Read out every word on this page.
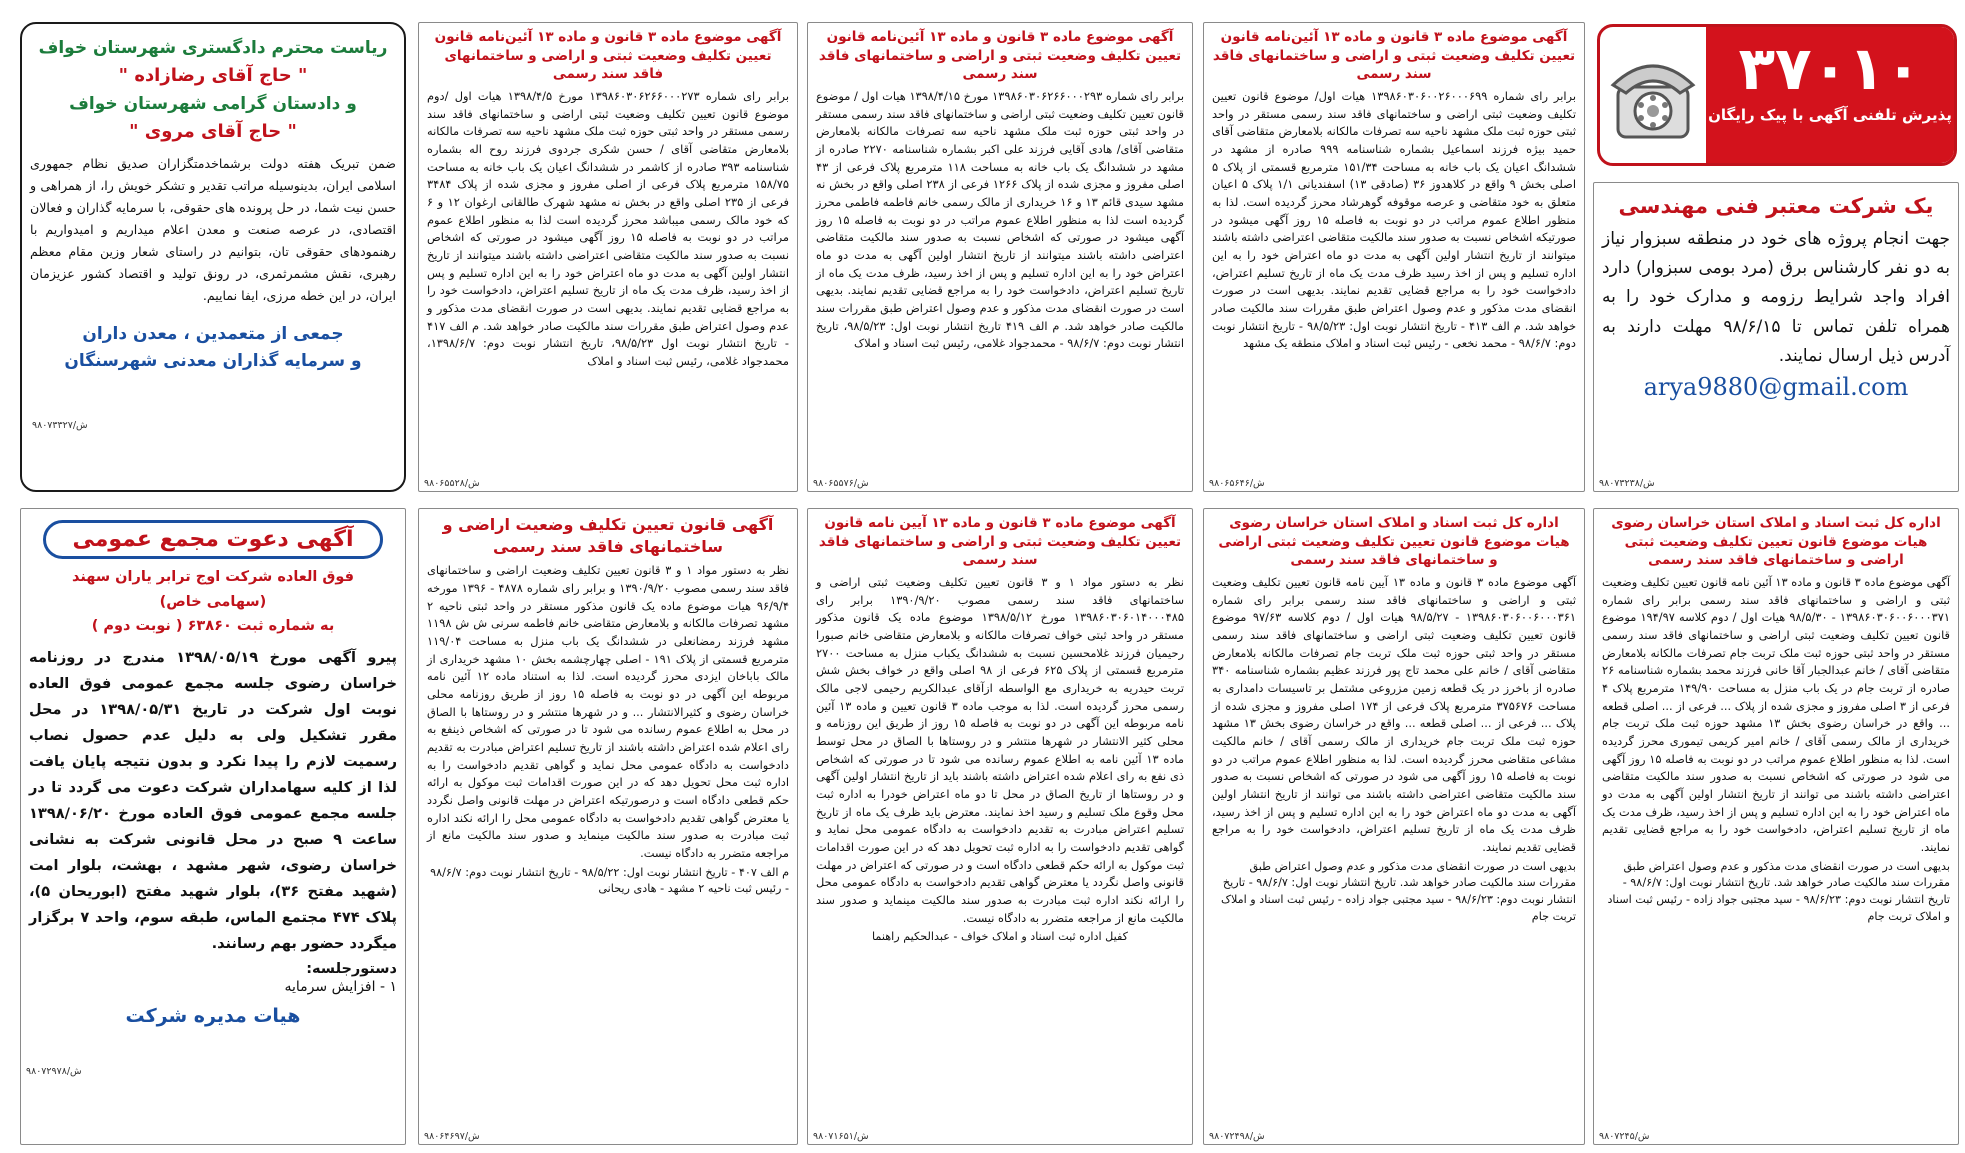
۳۷۰۱۰
پذیرش تلفنی آگهی با پیک رایگان
یک شرکت معتبر فنی مهندسی

جهت انجام پروژه های خود در منطقه سبزوار نیاز به دو نفر کارشناس برق (مرد بومی سبزوار) دارد افراد واجد شرایط رزومه و مدارک خود را به همراه تلفن تماس تا ۹۸/۶/۱۵ مهلت دارند به آدرس ذیل ارسال نمایند.

arya9880@gmail.com
۹۸۰۷۳۲۳۸/ش
آگهی موضوع ماده ۳ قانون و ماده ۱۳ آئین‌نامه قانون تعیین تکلیف وضعیت ثبتی و اراضی و ساختمانهای فاقد سند رسمی

برابر رای شماره ۱۳۹۸۶۰۳۰۶۰۰۲۶۰۰۰۶۹۹ هیات اول/ موضوع قانون تعیین تکلیف وضعیت ثبتی اراضی و ساختمانهای فاقد سند رسمی مستقر در واحد ثبتی حوزه ثبت ملک مشهد ناحیه سه تصرفات مالکانه بلامعارض متقاضی آقای حمید بیژه فرزند اسماعیل بشماره شناسنامه ۹۹۹ صادره از مشهد در ششدانگ اعیان یک باب خانه به مساحت ۱۵۱/۳۴ مترمربع قسمتی از پلاک ۵ اصلی بخش ۹ واقع در کلاهدوز ۳۶ (صادقی ۱۳) اسفندیانی ۱/۱ پلاک ۵ اعیان متعلق به خود متقاضی و عرصه موقوفه گوهرشاد محرز گردیده است. لذا به منظور اطلاع عموم مراتب در دو نوبت به فاصله ۱۵ روز آگهی میشود در صورتیکه اشخاص نسبت به صدور سند مالکیت متقاضی اعتراضی داشته باشند میتوانند از تاریخ انتشار اولین آگهی به مدت دو ماه اعتراض خود را به این اداره تسلیم و پس از اخذ رسید ظرف مدت یک ماه از تاریخ تسلیم اعتراض، دادخواست خود را به مراجع قضایی تقدیم نمایند. بدیهی است در صورت انقضای مدت مذکور و عدم وصول اعتراض طبق مقررات سند مالکیت صادر خواهد شد. م الف ۴۱۳ - تاریخ انتشار نوبت اول: ۹۸/۵/۲۳ - تاریخ انتشار نوبت دوم: ۹۸/۶/۷ - محمد نخعی - رئیس ثبت اسناد و املاک منطقه یک مشهد

۹۸۰۶۵۶۴۶/ش
آگهی موضوع ماده ۳ قانون و ماده ۱۳ آئین‌نامه قانون تعیین تکلیف وضعیت ثبتی و اراضی و ساختمانهای فاقد سند رسمی

برابر رای شماره ۱۳۹۸۶۰۳۰۶۲۶۶۰۰۰۲۹۳ مورخ ۱۳۹۸/۴/۱۵ هیات اول / موضوع قانون تعیین تکلیف وضعیت ثبتی اراضی و ساختمانهای فاقد سند رسمی مستقر در واحد ثبتی حوزه ثبت ملک مشهد ناحیه سه تصرفات مالکانه بلامعارض متقاضی آقای/ هادی آقایی فرزند علی اکبر بشماره شناسنامه ۲۲۷۰ صادره از مشهد در ششدانگ یک باب خانه به مساحت ۱۱۸ مترمربع پلاک فرعی از ۴۳ اصلی مفروز و مجزی شده از پلاک ۱۲۶۶ فرعی از ۲۳۸ اصلی واقع در بخش نه مشهد سیدی قائم ۱۳ و ۱۶ خریداری از مالک رسمی خانم فاطمه فاطمی محرز گردیده است لذا به منظور اطلاع عموم مراتب در دو نوبت به فاصله ۱۵ روز آگهی میشود در صورتی که اشخاص نسبت به صدور سند مالکیت متقاضی اعتراضی داشته باشند میتوانند از تاریخ انتشار اولین آگهی به مدت دو ماه اعتراض خود را به این اداره تسلیم و پس از اخذ رسید، ظرف مدت یک ماه از تاریخ تسلیم اعتراض، دادخواست خود را به مراجع قضایی تقدیم نمایند. بدیهی است در صورت انقضای مدت مذکور و عدم وصول اعتراض طبق مقررات سند مالکیت صادر خواهد شد. م الف ۴۱۹ تاریخ انتشار نوبت اول: ۹۸/۵/۲۳، تاریخ انتشار نوبت دوم: ۹۸/۶/۷ - محمدجواد غلامی، رئیس ثبت اسناد و املاک

۹۸۰۶۵۵۷۶/ش
آگهی موضوع ماده ۳ قانون و ماده ۱۳ آئین‌نامه قانون تعیین تکلیف وضعیت ثبتی و اراضی و ساختمانهای فاقد سند رسمی

برابر رای شماره ۱۳۹۸۶۰۳۰۶۲۶۶۰۰۰۲۷۳ مورخ ۱۳۹۸/۴/۵ هیات اول /دوم موضوع قانون تعیین تکلیف وضعیت ثبتی اراضی و ساختمانهای فاقد سند رسمی مستقر در واحد ثبتی حوزه ثبت ملک مشهد ناحیه سه تصرفات مالکانه بلامعارض متقاضی آقای / حسن شکری جردوی فرزند روح اله بشماره شناسنامه ۳۹۳ صادره از کاشمر در ششدانگ اعیان یک باب خانه به مساحت ۱۵۸/۷۵ مترمربع پلاک فرعی از اصلی مفروز و مجزی شده از پلاک ۳۴۸۴ فرعی از ۲۳۵ اصلی واقع در بخش نه مشهد شهرک طالقانی ارغوان ۱۲ و ۶ که خود مالک رسمی میباشد محرز گردیده است لذا به منظور اطلاع عموم مراتب در دو نوبت به فاصله ۱۵ روز آگهی میشود در صورتی که اشخاص نسبت به صدور سند مالکیت متقاضی اعتراضی داشته باشند میتوانند از تاریخ انتشار اولین آگهی به مدت دو ماه اعتراض خود را به این اداره تسلیم و پس از اخذ رسید، ظرف مدت یک ماه از تاریخ تسلیم اعتراض، دادخواست خود را به مراجع قضایی تقدیم نمایند. بدیهی است در صورت انقضای مدت مذکور و عدم وصول اعتراض طبق مقررات سند مالکیت صادر خواهد شد. م الف ۴۱۷ - تاریخ انتشار نوبت اول ۹۸/۵/۲۳، تاریخ انتشار نوبت دوم: ۱۳۹۸/۶/۷، محمدجواد غلامی، رئیس ثبت اسناد و املاک

۹۸۰۶۵۵۲۸/ش
ریاست محترم دادگستری شهرستان خواف
" حاج آقای رضازاده "
و دادستان گرامی شهرستان خواف
" حاج آقای مروی "

ضمن تبریک هفته دولت برشماخدمتگزاران صدیق نظام جمهوری اسلامی ایران، بدینوسیله مراتب تقدیر و تشکر خویش را، از همراهی و حسن نیت شما، در حل پرونده های حقوقی، با سرمایه گذاران و فعالان اقتصادی، در عرصه صنعت و معدن اعلام میداریم و امیدواریم با رهنمودهای حقوقی تان، بتوانیم در راستای شعار وزین مقام معظم رهبری، نقش مشمرثمری، در رونق تولید و اقتصاد کشور عزیزمان ایران، در این خطه مرزی، ایفا نماییم.

جمعی از متعمدین ، معدن داران
و سرمایه گذاران معدنی شهرسنگان
۹۸۰۷۳۳۲۷/ش
اداره کل ثبت اسناد و املاک استان خراسان رضوی هیات موضوع قانون تعیین تکلیف وضعیت ثبتی اراضی و ساختمانهای فاقد سند رسمی

آگهی موضوع ماده ۳ قانون و ماده ۱۳ آئین نامه قانون تعیین تکلیف وضعیت ثبتی و اراضی و ساختمانهای فاقد سند رسمی برابر رای شماره ۱۳۹۸۶۰۳۰۶۰۰۶۰۰۰۳۷۱ - ۹۸/۵/۳۰ هیات اول / دوم کلاسه ۱۹۴/۹۷ موضوع قانون تعیین تکلیف وضعیت ثبتی اراضی و ساختمانهای فاقد سند رسمی مستقر در واحد ثبتی حوزه ثبت ملک تربت جام تصرفات مالکانه بلامعارض متقاضی آقای / خانم عبدالجبار آقا خانی فرزند محمد بشماره شناسنامه ۲۶ صادره از تربت جام در یک باب منزل به مساحت ۱۴۹/۹۰ مترمربع پلاک ۴ فرعی از ۳ اصلی مفروز و مجزی شده از پلاک ... فرعی از ... اصلی قطعه ... واقع در خراسان رضوی بخش ۱۳ مشهد حوزه ثبت ملک تربت جام خریداری از مالک رسمی آقای / خانم امیر کریمی تیموری محرز گردیده است. لذا به منظور اطلاع عموم مراتب در دو نوبت به فاصله ۱۵ روز آگهی می شود در صورتی که اشخاص نسبت به صدور سند مالکیت متقاضی اعتراضی داشته باشند می توانند از تاریخ انتشار اولین آگهی به مدت دو ماه اعتراض خود را به این اداره تسلیم و پس از اخذ رسید، ظرف مدت یک ماه از تاریخ تسلیم اعتراض، دادخواست خود را به مراجع قضایی تقدیم نمایند.

بدیهی است در صورت انقضای مدت مذکور و عدم وصول اعتراض طبق مقررات سند مالکیت صادر خواهد شد. تاریخ انتشار نوبت اول: ۹۸/۶/۷ - تاریخ انتشار نوبت دوم: ۹۸/۶/۲۳ - سید مجتبی جواد زاده - رئیس ثبت اسناد و املاک تربت جام
۹۸۰۷۲۴۵/ش
اداره کل ثبت اسناد و املاک استان خراسان رضوی هیات موضوع قانون تعیین تکلیف وضعیت ثبتی اراضی و ساختمانهای فاقد سند رسمی

آگهی موضوع ماده ۳ قانون و ماده ۱۳ آیین نامه قانون تعیین تکلیف وضعیت ثبتی و اراضی و ساختمانهای فاقد سند رسمی برابر رای شماره ۱۳۹۸۶۰۳۰۶۰۰۶۰۰۰۳۶۱ - ۹۸/۵/۲۷ هیات اول / دوم کلاسه ۹۷/۶۳ موضوع قانون تعیین تکلیف وضعیت ثبتی اراضی و ساختمانهای فاقد سند رسمی مستقر در واحد ثبتی حوزه ثبت ملک تربت جام تصرفات مالکانه بلامعارض متقاضی آقای / خانم علی محمد تاج پور فرزند عظیم بشماره شناسنامه ۳۴۰ صادره از باخرز در یک قطعه زمین مزروعی مشتمل بر تاسیسات دامداری به مساحت ۳۷۵۶۷۶ مترمربع پلاک فرعی از ۱۷۴ اصلی مفروز و مجزی شده از پلاک ... فرعی از ... اصلی قطعه ... واقع در خراسان رضوی بخش ۱۳ مشهد حوزه ثبت ملک تربت جام خریداری از مالک رسمی آقای / خانم مالکیت مشاعی متقاضی محرز گردیده است. لذا به منظور اطلاع عموم مراتب در دو نوبت به فاصله ۱۵ روز آگهی می شود در صورتی که اشخاص نسبت به صدور سند مالکیت متقاضی اعتراضی داشته باشند می توانند از تاریخ انتشار اولین آگهی به مدت دو ماه اعتراض خود را به این اداره تسلیم و پس از اخذ رسید، ظرف مدت یک ماه از تاریخ تسلیم اعتراض، دادخواست خود را به مراجع قضایی تقدیم نمایند.

بدیهی است در صورت انقضای مدت مذکور و عدم وصول اعتراض طبق مقررات سند مالکیت صادر خواهد شد. تاریخ انتشار نوبت اول: ۹۸/۶/۷ - تاریخ انتشار نوبت دوم: ۹۸/۶/۲۳ - سید مجتبی جواد زاده - رئیس ثبت اسناد و املاک تربت جام
۹۸۰۷۲۴۹۸/ش
آگهی موضوع ماده ۳ قانون و ماده ۱۳ آیین نامه قانون تعیین تکلیف وضعیت ثبتی و اراضی و ساختمانهای فاقد سند رسمی

نظر به دستور مواد ۱ و ۳ قانون تعیین تکلیف وضعیت ثبتی اراضی و ساختمانهای فاقد سند رسمی مصوب ۱۳۹۰/۹/۲۰ برابر رای ۱۳۹۸۶۰۳۰۶۰۱۴۰۰۰۴۸۵ مورخ ۱۳۹۸/۵/۱۲ موضوع ماده یک قانون مذکور مستقر در واحد ثبتی خواف تصرفات مالکانه و بلامعارض متقاضی خانم صبورا رحیمیان فرزند غلامحسین نسبت به ششدانگ یکباب منزل به مساحت ۲۷۰۰ مترمربع قسمتی از پلاک ۶۲۵ فرعی از ۹۸ اصلی واقع در خواف بخش شش تربت حیدریه به خریداری مع الواسطه ازآقای عبدالکریم رحیمی لاجی مالک رسمی محرز گردیده است. لذا به موجب ماده ۳ قانون تعیین و ماده ۱۳ آئین نامه مربوطه این آگهی در دو نوبت به فاصله ۱۵ روز از طریق این روزنامه و محلی کثیر الانتشار در شهرها منتشر و در روستاها با الصاق در محل توسط ماده ۱۳ آئین نامه به اطلاع عموم رسانده می شود تا در صورتی که اشخاص ذی نفع به رای اعلام شده اعتراض داشته باشند باید از تاریخ انتشار اولین آگهی و در روستاها از تاریخ الصاق در محل تا دو ماه اعتراض خودرا به اداره ثبت محل وقوع ملک تسلیم و رسید اخذ نمایند. معترض باید ظرف یک ماه از تاریخ تسلیم اعتراض مبادرت به تقدیم دادخواست به دادگاه عمومی محل نماید و گواهی تقدیم دادخواست را به اداره ثبت تحویل دهد که در این صورت اقدامات ثبت موکول به ارائه حکم قطعی دادگاه است و در صورتی که اعتراض در مهلت قانونی واصل نگردد یا معترض گواهی تقدیم دادخواست به دادگاه عمومی محل را ارائه نکند اداره ثبت مبادرت به صدور سند مالکیت مینماید و صدور سند مالکیت مانع از مراجعه متضرر به دادگاه نیست.

کفیل اداره ثبت اسناد و املاک خواف - عبدالحکیم راهنما
۹۸۰۷۱۶۵۱/ش
آگهی قانون تعیین تکلیف وضعیت اراضی و ساختمانهای فاقد سند رسمی

نظر به دستور مواد ۱ و ۳ قانون تعیین تکلیف وضعیت اراضی و ساختمانهای فاقد سند رسمی مصوب ۱۳۹۰/۹/۲۰ و برابر رای شماره ۴۸۷۸ - ۱۳۹۶ مورخه ۹۶/۹/۴ هیات موضوع ماده یک قانون مذکور مستقر در واحد ثبتی ناحیه ۲ مشهد تصرفات مالکانه و بلامعارض متقاضی خانم فاطمه سرنی ش ش ۱۱۹۸ مشهد فرزند رمضانعلی در ششدانگ یک باب منزل به مساحت ۱۱۹/۰۴ مترمربع قسمتی از پلاک ۱۹۱ - اصلی چهارچشمه بخش ۱۰ مشهد خریداری از مالک باباخان ایزدی محرز گردیده است. لذا به استناد ماده ۱۲ آئین نامه مربوطه این آگهی در دو نوبت به فاصله ۱۵ روز از طریق روزنامه محلی خراسان رضوی و کثیرالانتشار ... و در شهرها منتشر و در روستاها با الصاق در محل به اطلاع عموم رسانده می شود تا در صورتی که اشخاص ذینفع به رای اعلام شده اعتراض داشته باشند از تاریخ تسلیم اعتراض مبادرت به تقدیم دادخواست به دادگاه عمومی محل نماید و گواهی تقدیم دادخواست را به اداره ثبت محل تحویل دهد که در این صورت اقدامات ثبت موکول به ارائه حکم قطعی دادگاه است و درصورتیکه اعتراض در مهلت قانونی واصل نگردد یا معترض گواهی تقدیم دادخواست به دادگاه عمومی محل را ارائه نکند اداره ثبت مبادرت به صدور سند مالکیت مینماید و صدور سند مالکیت مانع از مراجعه متضرر به دادگاه نیست.

م الف ۴۰۷ - تاریخ انتشار نوبت اول: ۹۸/۵/۲۲ - تاریخ انتشار نوبت دوم: ۹۸/۶/۷ - رئیس ثبت ناحیه ۲ مشهد - هادی ریحانی
۹۸۰۶۴۶۹۷/ش
آگهی دعوت مجمع عمومی
فوق العاده شرکت اوج ترابر یاران سهند
(سهامی خاص)
به شماره ثبت ۶۳۸۶۰ ( نوبت دوم )

پیرو آگهی مورخ ۱۳۹۸/۰۵/۱۹ مندرج در روزنامه خراسان رضوی جلسه مجمع عمومی فوق العاده نوبت اول شرکت در تاریخ ۱۳۹۸/۰۵/۳۱ در محل مقرر تشکیل ولی به دلیل عدم حصول نصاب رسمیت لازم را پیدا نکرد و بدون نتیجه پایان یافت لذا از کلیه سهامداران شرکت دعوت می گردد تا در جلسه مجمع عمومی فوق العاده مورخ ۱۳۹۸/۰۶/۲۰ ساعت ۹ صبح در محل قانونی شرکت به نشانی خراسان رضوی، شهر مشهد ، بهشت، بلوار امت (شهید مفتح ۳۶)، بلوار شهید مفتح (ابوریحان ۵)، پلاک ۴۷۴ مجتمع الماس، طبقه سوم، واحد ۷ برگزار میگردد حضور بهم رسانند.

دستورجلسه:
۱ - افزایش سرمایه
هیات مدیره شرکت
۹۸۰۷۲۹۷۸/ش
